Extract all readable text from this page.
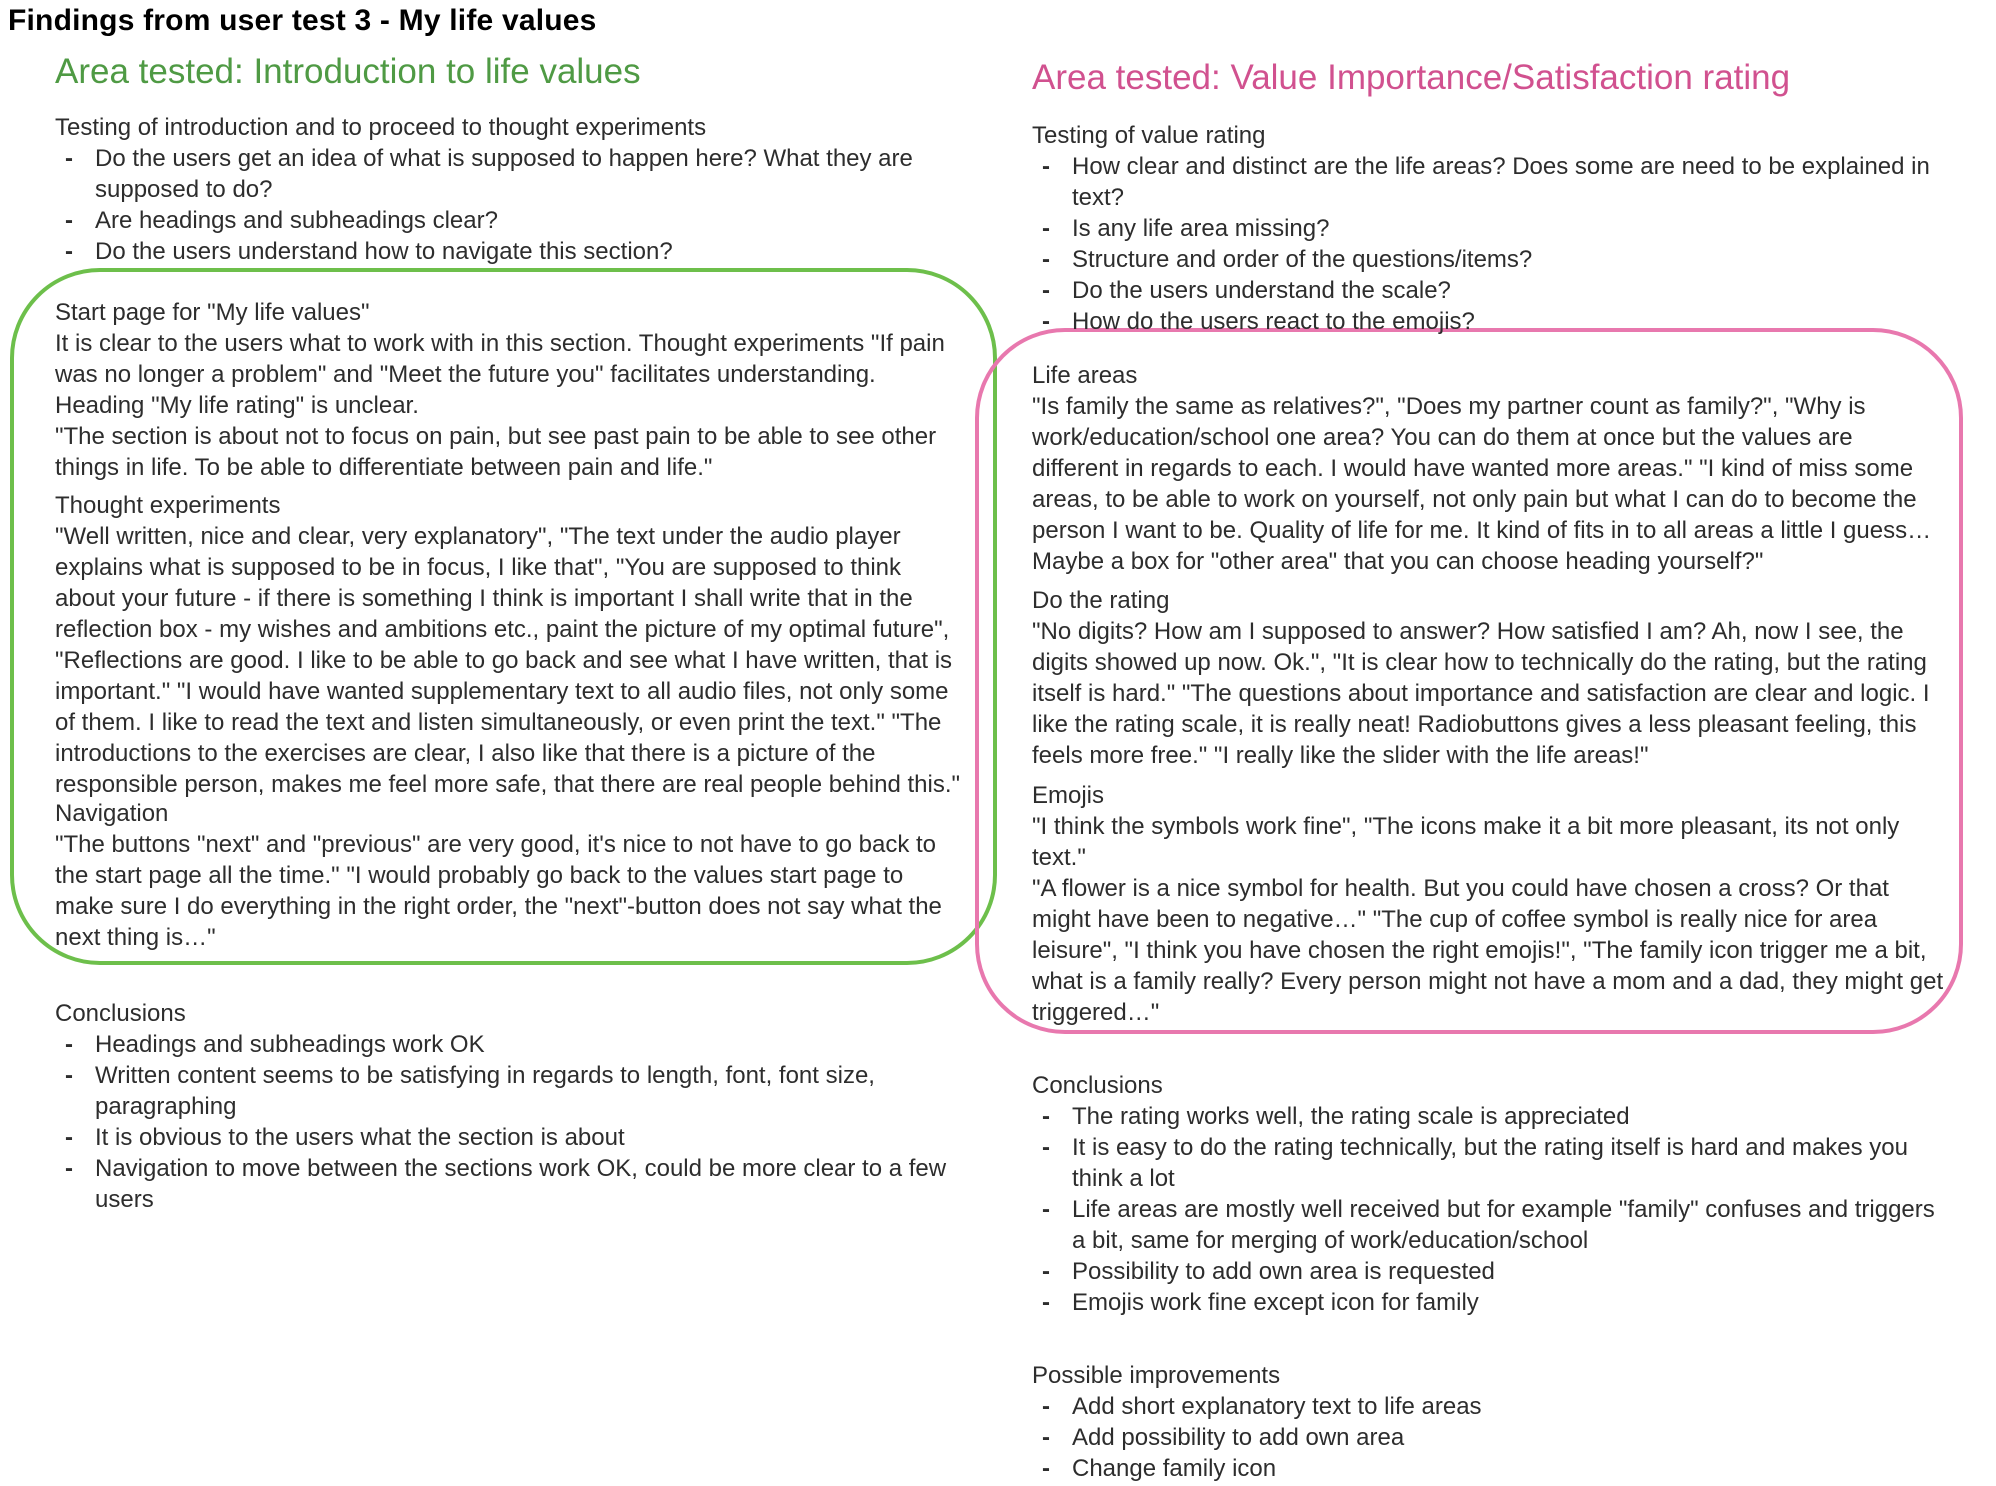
Findings from user test 3 - My life values
Area tested: Introduction to life values
Testing of introduction and to proceed to thought experiments
- Do the users get an idea of what is supposed to happen here? What they are supposed to do?
- Are headings and subheadings clear?
- Do the users understand how to navigate this section?
Start page for "My life values"
It is clear to the users what to work with in this section. Thought experiments "If pain was no longer a problem" and "Meet the future you" facilitates understanding.
Heading "My life rating" is unclear.
"The section is about not to focus on pain, but see past pain to be able to see other things in life. To be able to differentiate between pain and life."
Thought experiments
"Well written, nice and clear, very explanatory", "The text under the audio player explains what is supposed to be in focus, I like that", "You are supposed to think about your future - if there is something I think is important I shall write that in the reflection box - my wishes and ambitions etc., paint the picture of my optimal future", "Reflections are good. I like to be able to go back and see what I have written, that is important." "I would have wanted supplementary text to all audio files, not only some of them. I like to read the text and listen simultaneously, or even print the text." "The introductions to the exercises are clear, I also like that there is a picture of the responsible person, makes me feel more safe, that there are real people behind this."
Navigation
"The buttons "next" and "previous" are very good, it's nice to not have to go back to the start page all the time." "I would probably go back to the values start page to make sure I do everything in the right order, the "next"-button does not say what the next thing is…"
Conclusions
- Headings and subheadings work OK
- Written content seems to be satisfying in regards to length, font, font size, paragraphing
- It is obvious to the users what the section is about
- Navigation to move between the sections work OK, could be more clear to a few users
Area tested: Value Importance/Satisfaction rating
Testing of value rating
- How clear and distinct are the life areas? Does some are need to be explained in text?
- Is any life area missing?
- Structure and order of the questions/items?
- Do the users understand the scale?
- How do the users react to the emojis?
Life areas
"Is family the same as relatives?", "Does my partner count as family?", "Why is work/education/school one area? You can do them at once but the values are different in regards to each. I would have wanted more areas." "I kind of miss some areas, to be able to work on yourself, not only pain but what I can do to become the person I want to be. Quality of life for me. It kind of fits in to all areas a little I guess…Maybe a box for "other area" that you can choose heading yourself?"
Do the rating
"No digits? How am I supposed to answer? How satisfied I am? Ah, now I see, the digits showed up now. Ok.", "It is clear how to technically do the rating, but the rating itself is hard." "The questions about importance and satisfaction are clear and logic. I like the rating scale, it is really neat! Radiobuttons gives a less pleasant feeling, this feels more free." "I really like the slider with the life areas!"
Emojis
"I think the symbols work fine", "The icons make it a bit more pleasant, its not only text."
"A flower is a nice symbol for health. But you could have chosen a cross? Or that might have been to negative…" "The cup of coffee symbol is really nice for area leisure", "I think you have chosen the right emojis!", "The family icon trigger me a bit, what is a family really? Every person might not have a mom and a dad, they might get triggered…"
Conclusions
- The rating works well, the rating scale is appreciated
- It is easy to do the rating technically, but the rating itself is hard and makes you think a lot
- Life areas are mostly well received but for example "family" confuses and triggers a bit, same for merging of work/education/school
- Possibility to add own area is requested
- Emojis work fine except icon for family
Possible improvements
- Add short explanatory text to life areas
- Add possibility to add own area
- Change family icon
